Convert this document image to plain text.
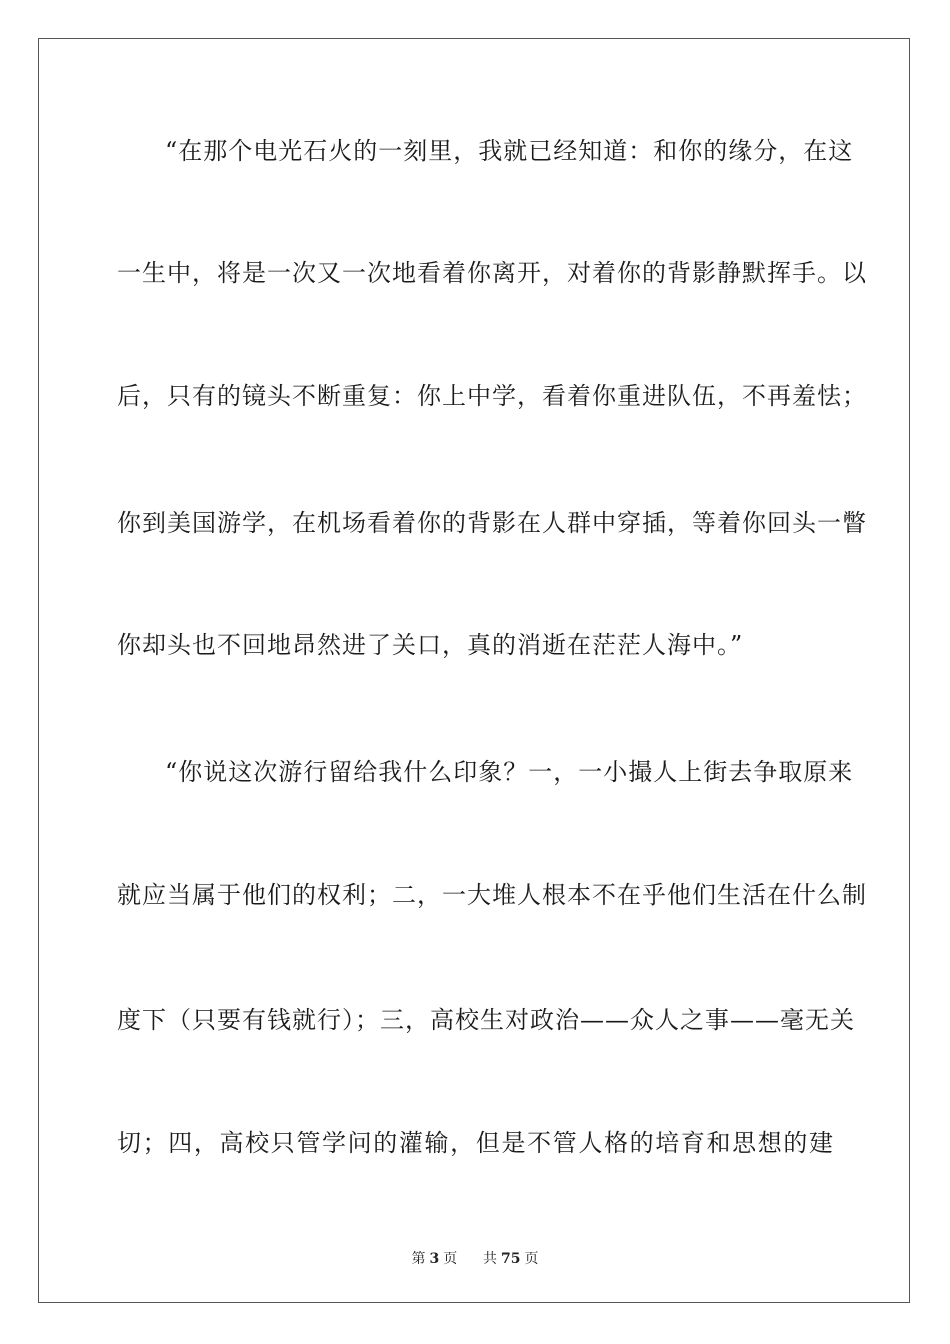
“在那个电光石火的一刻里，我就已经知道：和你的缘分，在这
一生中，将是一次又一次地看着你离开，对着你的背影静默挥手。以
后，只有的镜头不断重复：你上中学，看着你重进队伍，不再羞怯；
你到美国游学，在机场看着你的背影在人群中穿插，等着你回头一瞥
你却头也不回地昂然进了关口，真的消逝在茫茫人海中。”
“你说这次游行留给我什么印象？一，一小撮人上街去争取原来
就应当属于他们的权利；二，一大堆人根本不在乎他们生活在什么制
度下（只要有钱就行）；三，高校生对政治——众人之事——毫无关
切；四，高校只管学问的灌输，但是不管人格的培育和思想的建
第 3 页 共 75 页
